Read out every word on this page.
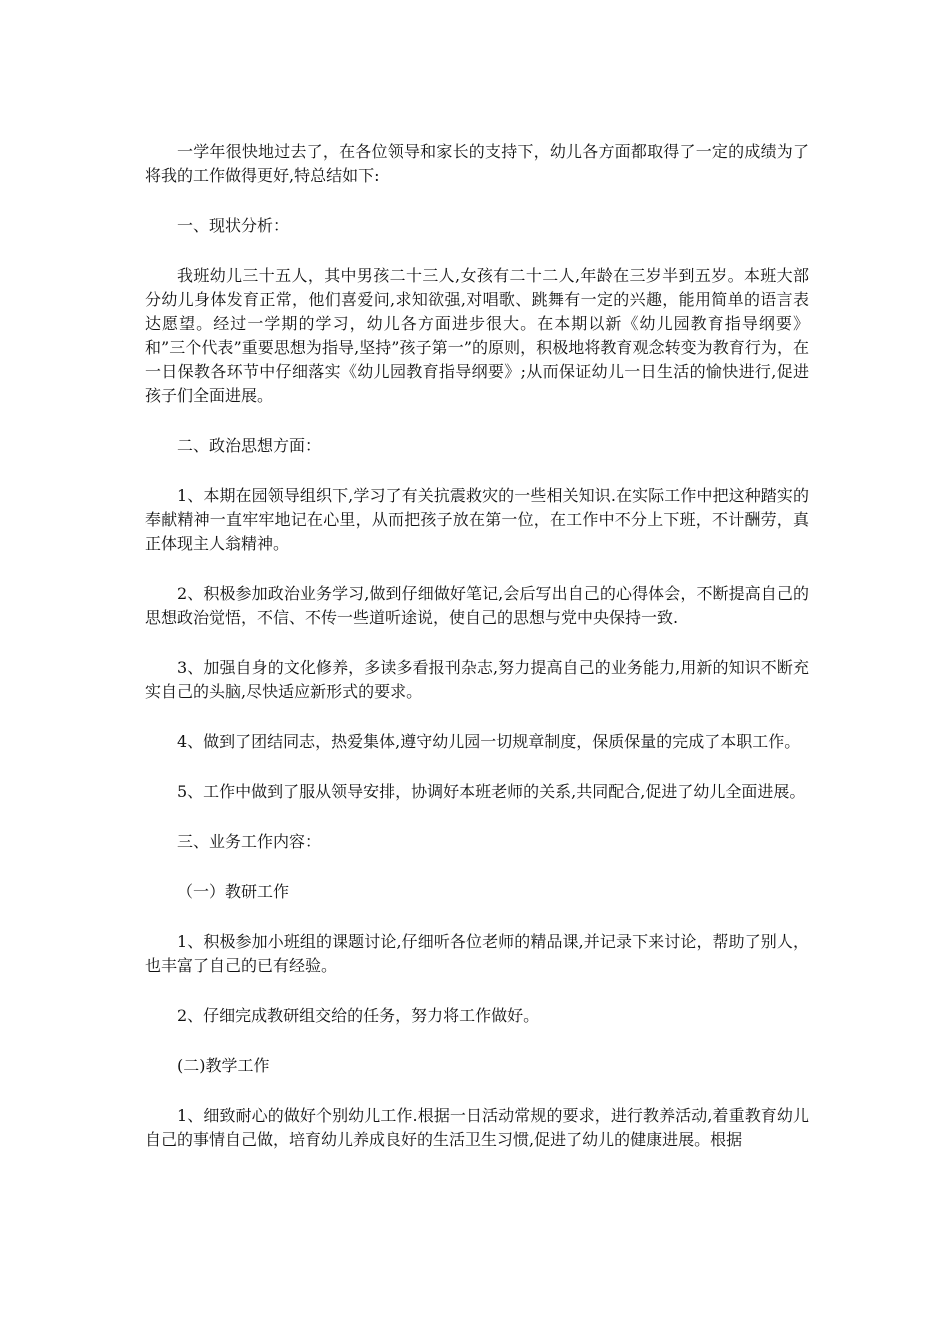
一学年很快地过去了，在各位领导和家长的支持下，幼儿各方面都取得了一定的成绩为了将我的工作做得更好,特总结如下:

一、现状分析：

我班幼儿三十五人，其中男孩二十三人,女孩有二十二人,年龄在三岁半到五岁。本班大部分幼儿身体发育正常，他们喜爱问,求知欲强,对唱歌、跳舞有一定的兴趣，能用简单的语言表达愿望。经过一学期的学习，幼儿各方面进步很大。在本期以新《幼儿园教育指导纲要》和”三个代表”重要思想为指导,坚持”孩子第一”的原则，积极地将教育观念转变为教育行为，在一日保教各环节中仔细落实《幼儿园教育指导纲要》;从而保证幼儿一日生活的愉快进行,促进孩子们全面进展。

二、政治思想方面：

1、本期在园领导组织下,学习了有关抗震救灾的一些相关知识.在实际工作中把这种踏实的奉献精神一直牢牢地记在心里，从而把孩子放在第一位，在工作中不分上下班，不计酬劳，真正体现主人翁精神。

2、积极参加政治业务学习,做到仔细做好笔记,会后写出自己的心得体会，不断提高自己的思想政治觉悟，不信、不传一些道听途说，使自己的思想与党中央保持一致.

3、加强自身的文化修养，多读多看报刊杂志,努力提高自己的业务能力,用新的知识不断充实自己的头脑,尽快适应新形式的要求。

4、做到了团结同志，热爱集体,遵守幼儿园一切规章制度，保质保量的完成了本职工作。

5、工作中做到了服从领导安排，协调好本班老师的关系,共同配合,促进了幼儿全面进展。

三、业务工作内容：

（一）教研工作

1、积极参加小班组的课题讨论,仔细听各位老师的精品课,并记录下来讨论，帮助了别人，也丰富了自己的已有经验。

2、仔细完成教研组交给的任务，努力将工作做好。

(二)教学工作

1、细致耐心的做好个别幼儿工作.根据一日活动常规的要求，进行教养活动,着重教育幼儿自己的事情自己做，培育幼儿养成良好的生活卫生习惯,促进了幼儿的健康进展。根据
